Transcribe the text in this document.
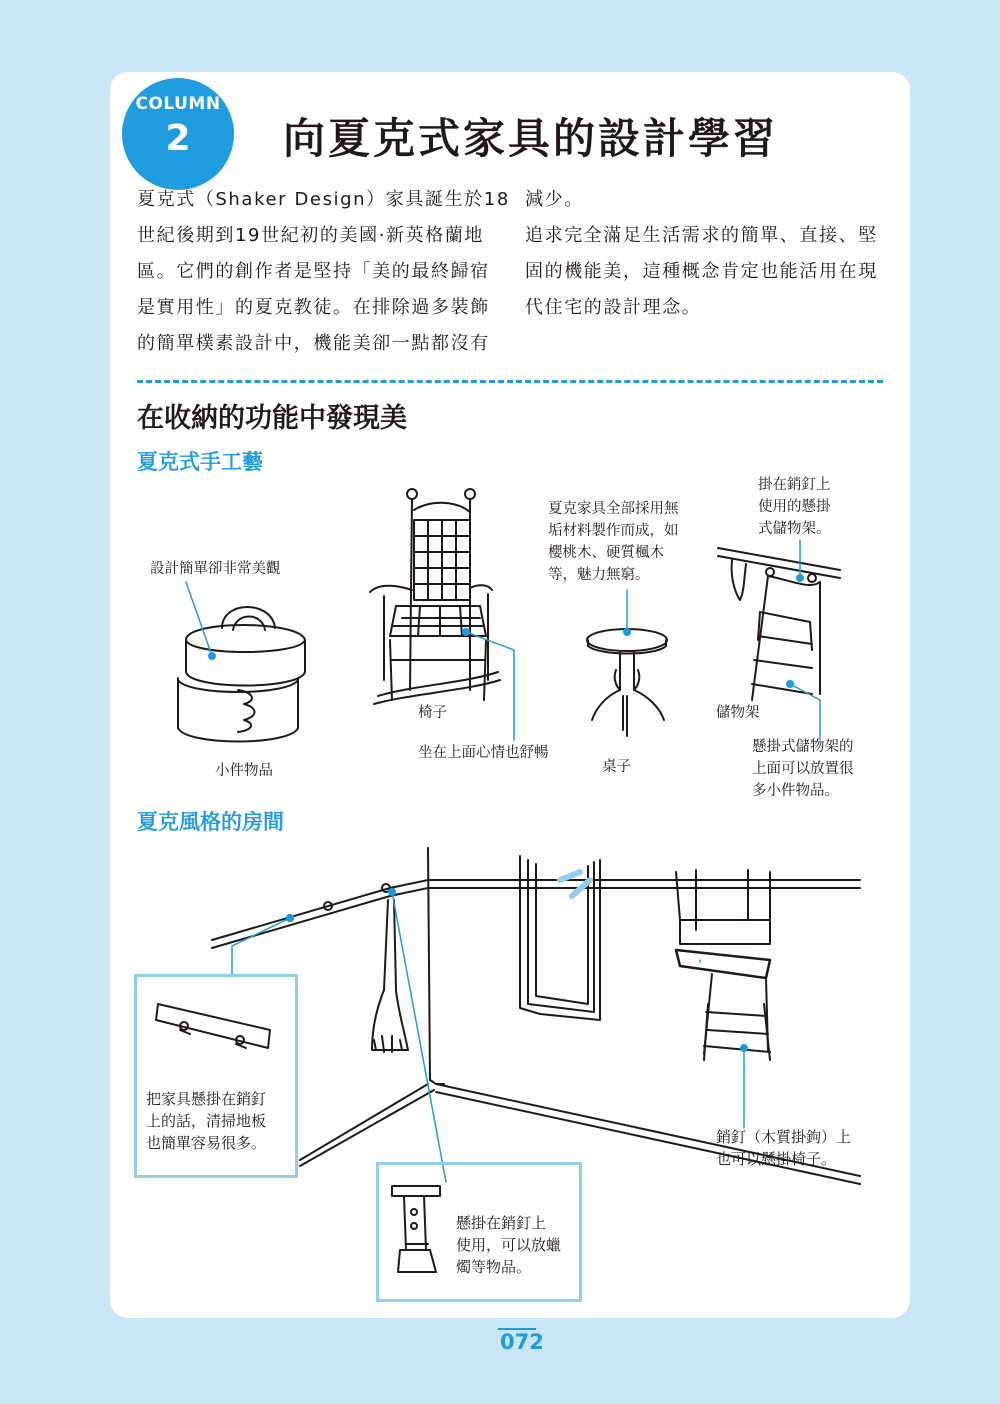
COLUMN
2	向夏克式家具的設計學習

夏克式（Shaker Design）家具誕生於18

世紀後期到19世紀初的美國·新英格蘭地

區。它們的創作者是堅持「美的最終歸宿

是實用性」的夏克教徒。在排除過多裝飾

的簡單樸素設計中，機能美卻一點都沒有

減少。

追求完全滿足生活需求的簡單、直接、堅

固的機能美，這種概念肯定也能活用在現

代住宅的設計理念。

在收納的功能中發現美
夏克式手工藝
夏克風格的房間
設計簡單卻非常美觀
小件物品
椅子
坐在上面心情也舒暢

夏克家具全部採用無

垢材料製作而成，如

櫻桃木、硬質楓木

等，魅力無窮。

桌子

掛在銷釘上

使用的懸掛

式儲物架。

儲物架

懸掛式儲物架的

上面可以放置很

多小件物品。

把家具懸掛在銷釘

上的話，清掃地板

也簡單容易很多。

懸掛在銷釘上

使用，可以放蠟

燭等物品。

銷釘（木質掛鉤）上

也可以懸掛椅子。

072
